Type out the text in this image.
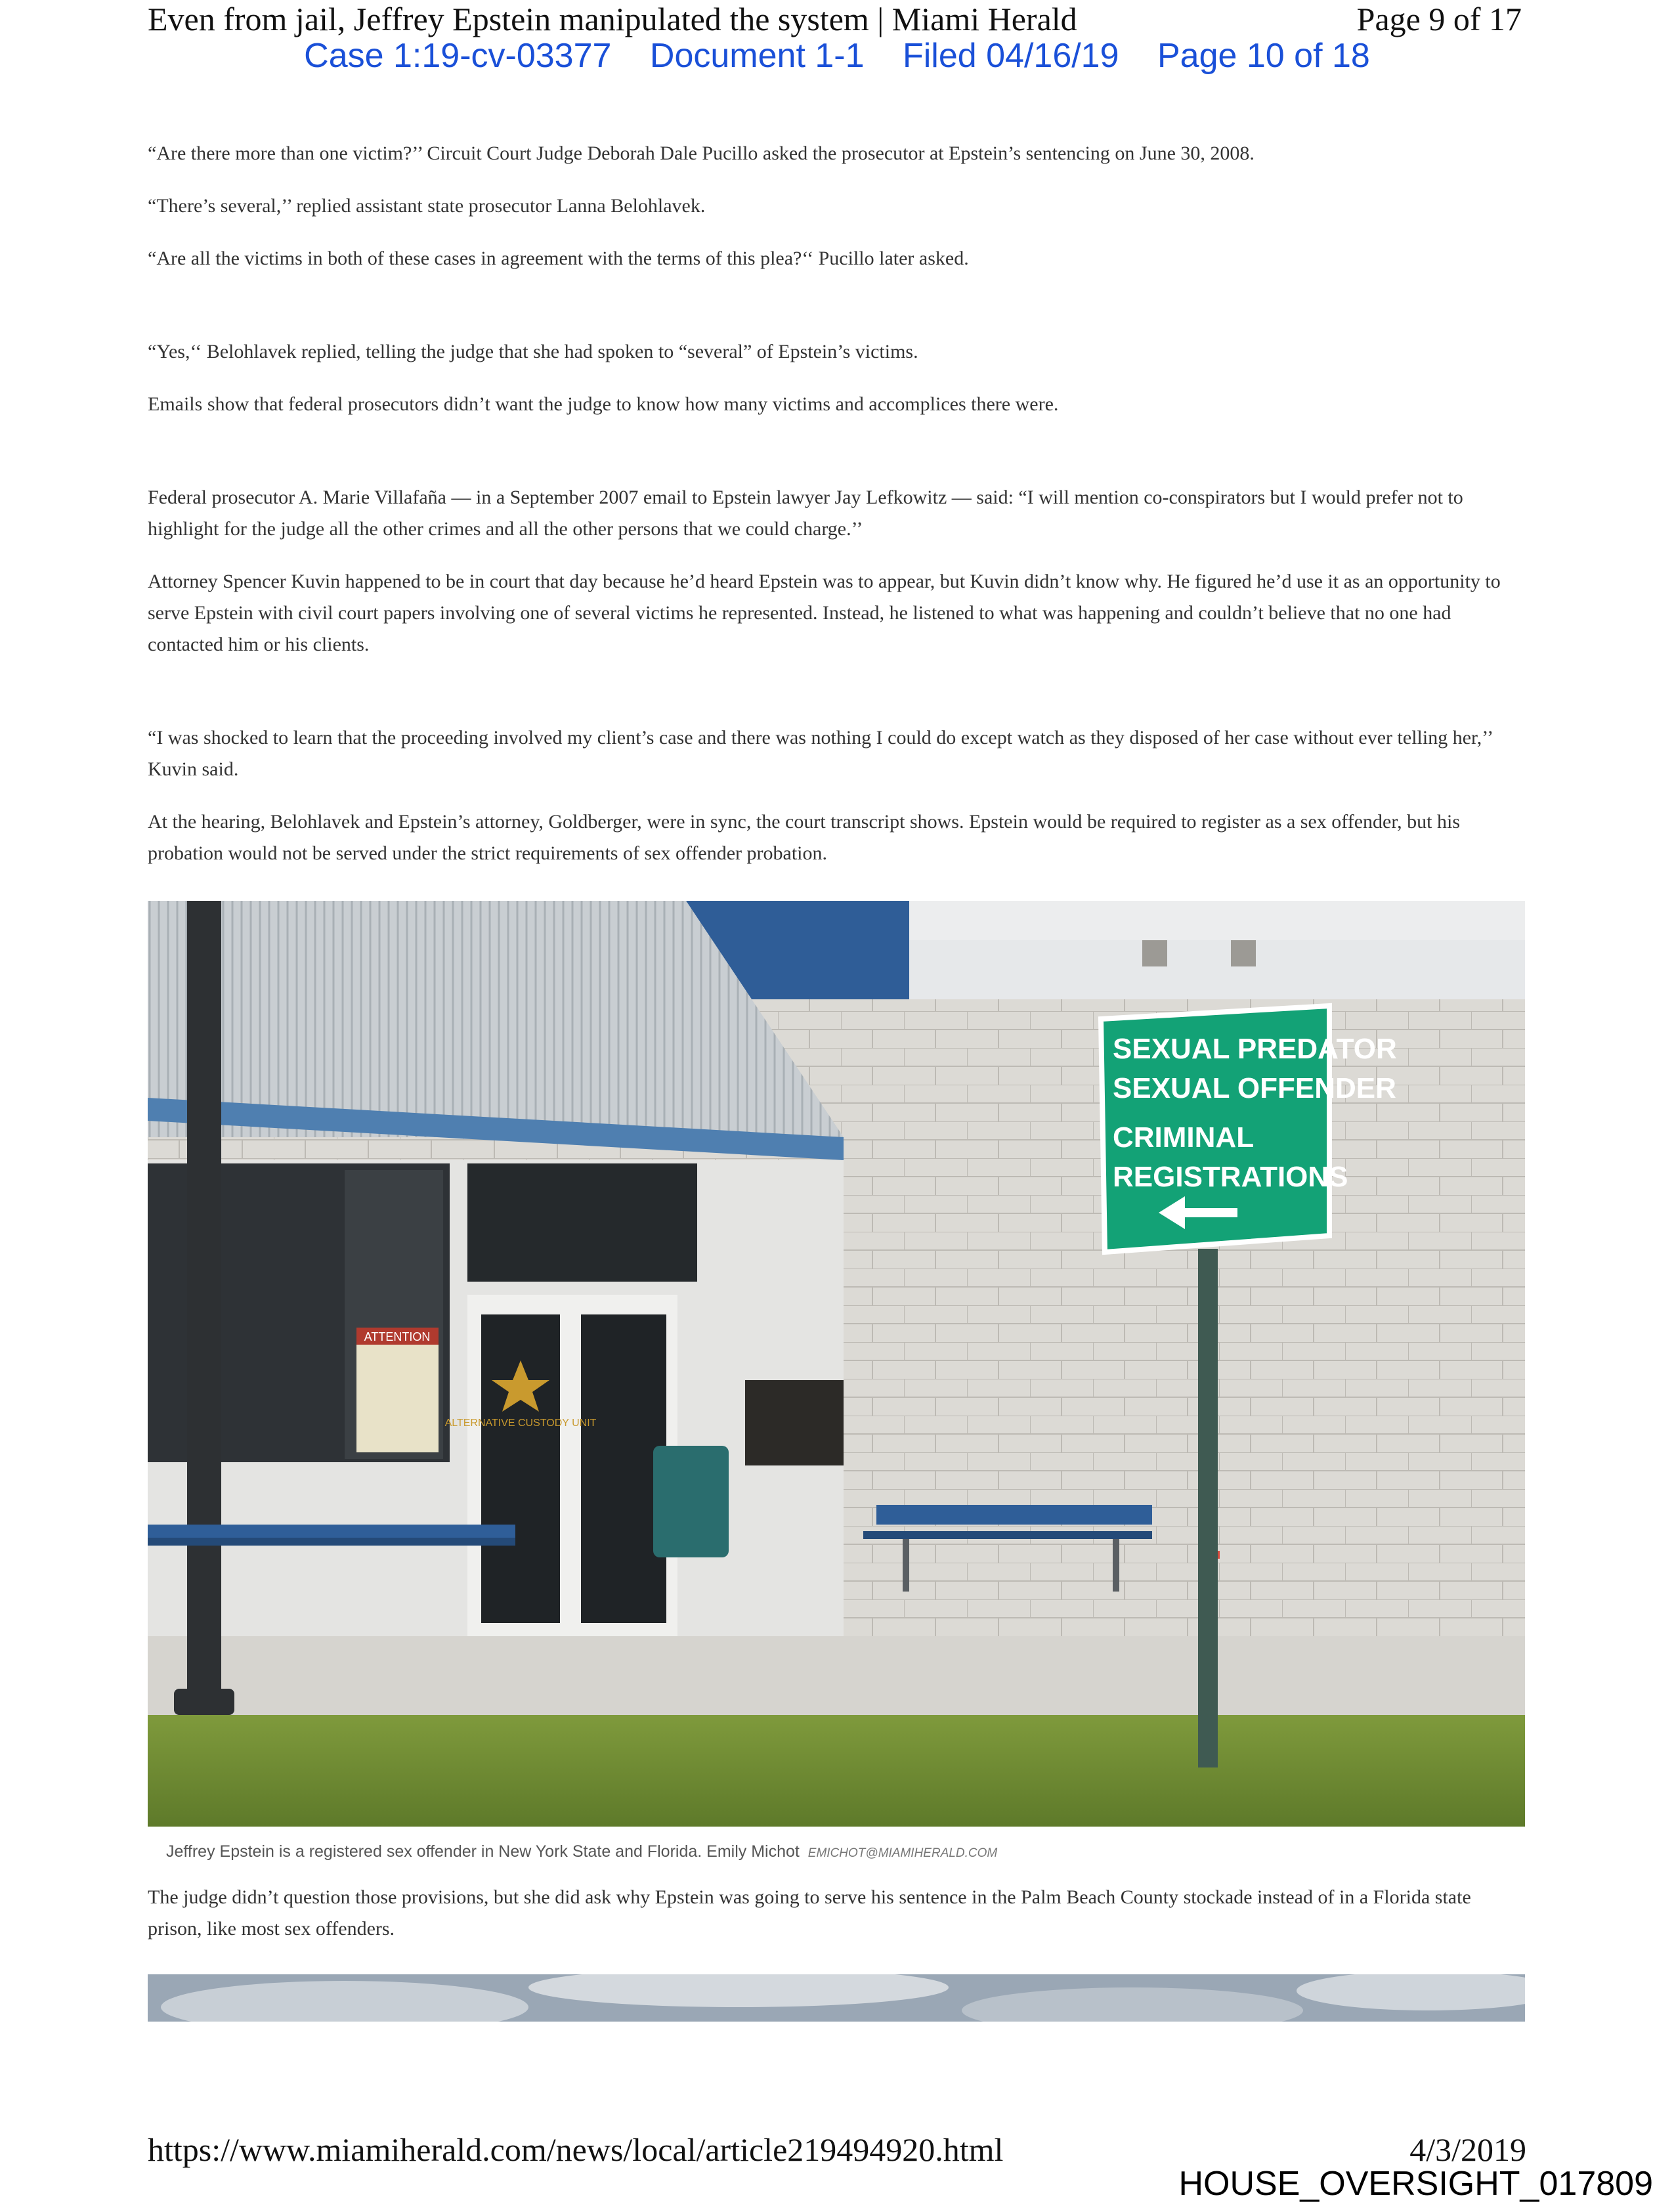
Even from jail, Jeffrey Epstein manipulated the system | Miami Herald	Page 9 of 17
Case 1:19-cv-03377 Document 1-1 Filed 04/16/19 Page 10 of 18

“Are there more than one victim?’’ Circuit Court Judge Deborah Dale Pucillo asked the prosecutor at Epstein’s sentencing on June 30, 2008.

“There’s several,’’ replied assistant state prosecutor Lanna Belohlavek.

“Are all the victims in both of these cases in agreement with the terms of this plea?‘‘ Pucillo later asked.

“Yes,‘‘ Belohlavek replied, telling the judge that she had spoken to “several” of Epstein’s victims.

Emails show that federal prosecutors didn’t want the judge to know how many victims and accomplices there were.

Federal prosecutor A. Marie Villafaña — in a September 2007 email to Epstein lawyer Jay Lefkowitz — said: “I will mention co-conspirators but I would prefer not to highlight for the judge all the other crimes and all the other persons that we could charge.’’

Attorney Spencer Kuvin happened to be in court that day because he’d heard Epstein was to appear, but Kuvin didn’t know why. He figured he’d use it as an opportunity to serve Epstein with civil court papers involving one of several victims he represented. Instead, he listened to what was happening and couldn’t believe that no one had contacted him or his clients.

“I was shocked to learn that the proceeding involved my client’s case and there was nothing I could do except watch as they disposed of her case without ever telling her,’’ Kuvin said.

At the hearing, Belohlavek and Epstein’s attorney, Goldberger, were in sync, the court transcript shows. Epstein would be required to register as a sex offender, but his probation would not be served under the strict requirements of sex offender probation.

ATTENTION
ALTERNATIVE CUSTODY UNIT
SEXUAL PREDATOR SEXUAL OFFENDER CRIMINAL REGISTRATIONS
Jeffrey Epstein is a registered sex offender in New York State and Florida. Emily Michot EMICHOT@MIAMIHERALD.COM

The judge didn’t question those provisions, but she did ask why Epstein was going to serve his sentence in the Palm Beach County stockade instead of in a Florida state prison, like most sex offenders.

https://www.miamiherald.com/news/local/article219494920.html	4/3/2019
HOUSE_OVERSIGHT_017809
